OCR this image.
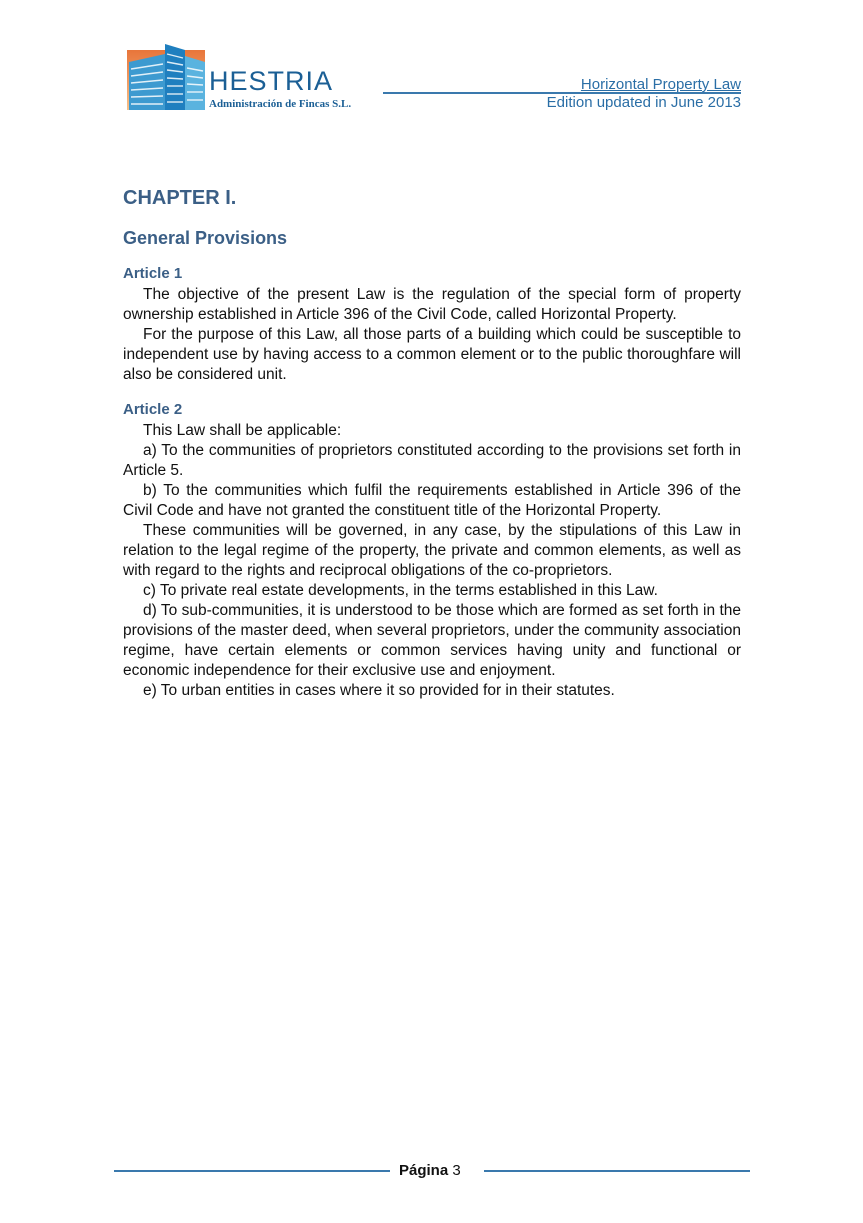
HESTRIA
Administración de Fincas S.L.
Horizontal Property Law
Edition updated in June 2013
CHAPTER I.
General Provisions
Article 1

The objective of the present Law is the regulation of the special form of property ownership established in Article 396 of the Civil Code, called Horizontal Property.

For the purpose of this Law, all those parts of a building which could be susceptible to independent use by having access to a common element or to the public thoroughfare will also be considered unit.

Article 2

This Law shall be applicable:

a) To the communities of proprietors constituted according to the provisions set forth in Article 5.

b) To the communities which fulfil the requirements established in Article 396 of the Civil Code and have not granted the constituent title of the Horizontal Property.

These communities will be governed, in any case, by the stipulations of this Law in relation to the legal regime of the property, the private and common elements, as well as with regard to the rights and reciprocal obligations of the co-proprietors.

c) To private real estate developments, in the terms established in this Law.

d) To sub-communities, it is understood to be those which are formed as set forth in the provisions of the master deed, when several proprietors, under the community association regime, have certain elements or common services having unity and functional or economic independence for their exclusive use and enjoyment.

e) To urban entities in cases where it so provided for in their statutes.

Página 3
